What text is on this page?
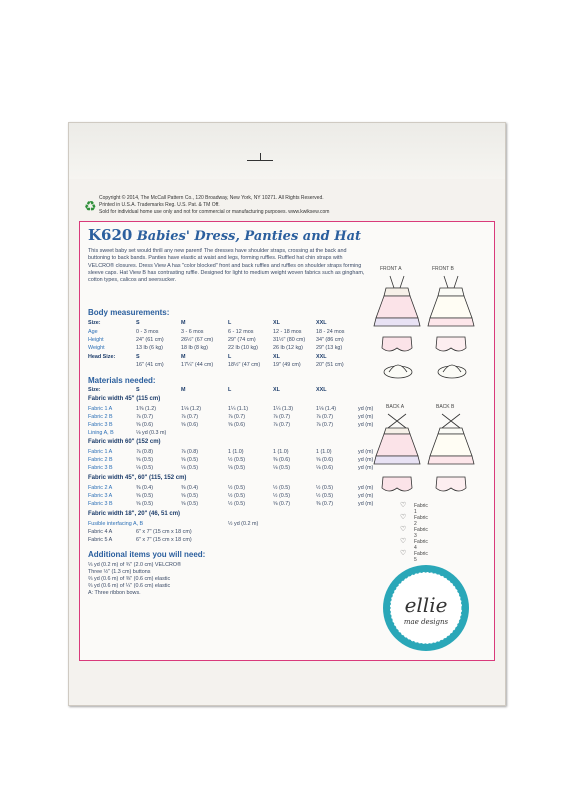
♻ Copyright © 2014, The McCall Pattern Co., 120 Broadway, New York, NY 10271. All Rights Reserved.
Printed in U.S.A. Trademarks Reg. U.S. Pat. & TM Off.
Sold for individual home use only and not for commercial or manufacturing purposes. www.kwiksew.com
K620 Babies' Dress, Panties and Hat
This sweet baby set would thrill any new parent! The dresses have shoulder straps, crossing at the back and buttoning to back bands. Panties have elastic at waist and legs, forming ruffles. Ruffled hat chin straps with VELCRO® closures. Dress View A has "color blocked" front and back ruffles and ruffles on shoulder straps forming sleeve caps. Hat View B has contrasting ruffle. Designed for light to medium weight woven fabrics such as gingham, cotton types, calicos and seersucker.
Body measurements:
Size:	S	M	L	XL	XXL
Age	0 - 3 mos	3 - 6 mos	6 - 12 mos	12 - 18 mos	18 - 24 mos
Height	24" (61 cm)	26½" (67 cm)	29" (74 cm)	31½" (80 cm) 34" (86 cm)
Weight	13 lb (6 kg)	18 lb (8 kg)	22 lb (10 kg)	26 lb (12 kg) 29" (13 kg)
Head Size:	S	M	L	XL	XXL
16" (41 cm)	17¼" (44 cm)	18½" (47 cm) 19" (49 cm)	20" (51 cm)
Materials needed:
Size:	S	M	L	XL	XXL
Fabric width 45" (115 cm)
Fabric 1 A	1⅜ (1.2)	1⅛ (1.2)	1¼ (1.1)	1¼ (1.3)	1⅛ (1.4)	yd (m)
Fabric 2 B	⅞ (0.7)	⅞ (0.7)	⅞ (0.7)	⅞ (0.7)	⅞ (0.7)	yd (m)
Fabric 3 B	⅝ (0.6)	⅝ (0.6)	⅝ (0.6)	⅞ (0.7)	⅞ (0.7)	yd (m)
Lining A, B	⅛ yd (0.3 m)
Fabric width 60" (152 cm)
Fabric 1 A	⅞ (0.8)	⅞ (0.8)	1 (1.0)	1 (1.0)	1 (1.0)	yd (m)
Fabric 2 B	⅝ (0.5)	⅝ (0.5)	½ (0.5)	⅜ (0.6)	⅝ (0.6)	yd (m)
Fabric 3 B	⅛ (0.5)	⅛ (0.5)	⅛ (0.5)	⅛ (0.5)	⅛ (0.6)	yd (m)
Fabric width 45", 60" (115, 152 cm)
Fabric 2 A	⅜ (0.4)	⅜ (0.4)	½ (0.5)	½ (0.5)	½ (0.5)	yd (m)
Fabric 3 A	⅝ (0.5)	⅝ (0.5)	½ (0.5)	½ (0.5)	½ (0.5)	yd (m)
Fabric 3 B	⅝ (0.5)	⅝ (0.5)	½ (0.5)	⅝ (0.7)	⅜ (0.7)	yd (m)
Fabric width 18", 20" (46, 51 cm)
Fusible interfacing A, B	½ yd (0.2 m)
Fabric 4 A	6" x 7" (15 cm x 18 cm)
Fabric 5 A	6" x 7" (15 cm x 18 cm)
Additional items you will need:
⅓ yd (0.2 m) of ¾" (2.0 cm) VELCRO®
Three ½" (1.3 cm) buttons
⅔ yd (0.6 m) of ⅜" (0.6 cm) elastic
⅔ yd (0.6 m) of ¼" (0.6 cm) elastic
A: Three ribbon bows.
FRONT A	FRONT B
BACK A	BACK B
♡ Fabric 1
♡ Fabric 2
♡ Fabric 3
♡ Fabric 4
♡ Fabric 5
ellie
mae designs
